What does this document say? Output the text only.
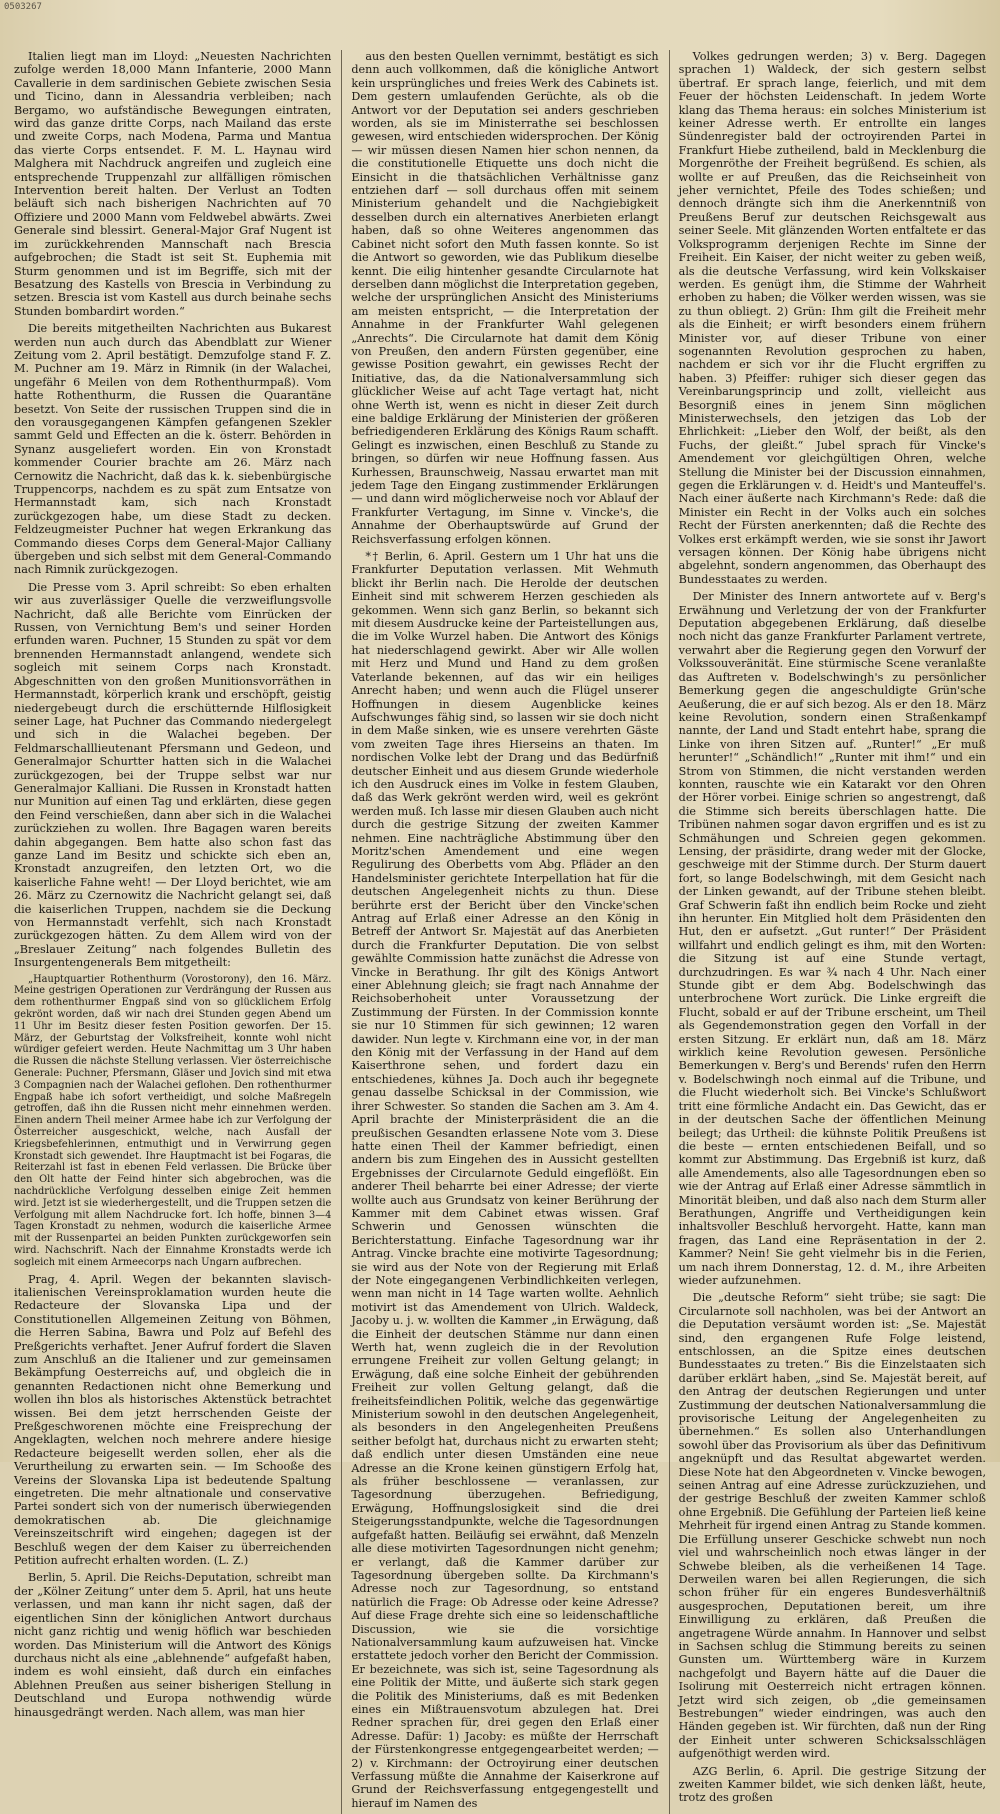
0503267

Italien liegt man im Lloyd: „Neuesten Nachrichten zufolge werden 18,000 Mann Infanterie, 2000 Mann Cavallerie in dem sardinischen Gebiete zwischen Sesia und Ticino, dann in Alessandria verbleiben; nach Bergamo, wo aufständische Bewegungen eintraten, wird das ganze dritte Corps, nach Mailand das erste und zweite Corps, nach Modena, Parma und Mantua das vierte Corps entsendet. F. M. L. Haynau wird Malghera mit Nachdruck angreifen und zugleich eine entsprechende Truppenzahl zur allfälligen römischen Intervention bereit halten. Der Verlust an Todten beläuft sich nach bisherigen Nachrichten auf 70 Offiziere und 2000 Mann vom Feldwebel abwärts. Zwei Generale sind blessirt. General-Major Graf Nugent ist im zurückkehrenden Mannschaft nach Brescia aufgebrochen; die Stadt ist seit St. Euphemia mit Sturm genommen und ist im Begriffe, sich mit der Besatzung des Kastells von Brescia in Verbindung zu setzen. Brescia ist vom Kastell aus durch beinahe sechs Stunden bombardirt worden.“

Die bereits mitgetheilten Nachrichten aus Bukarest werden nun auch durch das Abendblatt zur Wiener Zeitung vom 2. April bestätigt. Demzufolge stand F. Z. M. Puchner am 19. März in Rimnik (in der Walachei, ungefähr 6 Meilen von dem Rothenthurmpaß). Vom hatte Rothenthurm, die Russen die Quarantäne besetzt. Von Seite der russischen Truppen sind die in den vorausgegangenen Kämpfen gefangenen Szekler sammt Geld und Effecten an die k. österr. Behörden in Synanz ausgeliefert worden. Ein von Kronstadt kommender Courier brachte am 26. März nach Cernowitz die Nachricht, daß das k. k. siebenbürgische Truppencorps, nachdem es zu spät zum Entsatze von Hermannstadt kam, sich nach Kronstadt zurückgezogen habe, um diese Stadt zu decken. Feldzeugmeister Puchner hat wegen Erkrankung das Commando dieses Corps dem General-Major Calliany übergeben und sich selbst mit dem General-Commando nach Rimnik zurückgezogen.

Die Presse vom 3. April schreibt: So eben erhalten wir aus zuverlässiger Quelle die verzweiflungsvolle Nachricht, daß alle Berichte vom Einrücken der Russen, von Vernichtung Bem's und seiner Horden erfunden waren. Puchner, 15 Stunden zu spät vor dem brennenden Hermannstadt anlangend, wendete sich sogleich mit seinem Corps nach Kronstadt. Abgeschnitten von den großen Munitionsvorräthen in Hermannstadt, körperlich krank und erschöpft, geistig niedergebeugt durch die erschütternde Hilflosigkeit seiner Lage, hat Puchner das Commando niedergelegt und sich in die Walachei begeben. Der Feldmarschalllieutenant Pfersmann und Gedeon, und Generalmajor Schurtter hatten sich in die Walachei zurückgezogen, bei der Truppe selbst war nur Generalmajor Kalliani. Die Russen in Kronstadt hatten nur Munition auf einen Tag und erklärten, diese gegen den Feind verschießen, dann aber sich in die Walachei zurückziehen zu wollen. Ihre Bagagen waren bereits dahin abgegangen. Bem hatte also schon fast das ganze Land im Besitz und schickte sich eben an, Kronstadt anzugreifen, den letzten Ort, wo die kaiserliche Fahne weht! — Der Lloyd berichtet, wie am 26. März zu Czernowitz die Nachricht gelangt sei, daß die kaiserlichen Truppen, nachdem sie die Deckung von Hermannstadt verfehlt, sich nach Kronstadt zurückgezogen hätten. Zu dem Allem wird von der „Breslauer Zeitung“ nach folgendes Bulletin des Insurgentengenerals Bem mitgetheilt:

„Hauptquartier Rothenthurm (Vorostorony), den 16. März. Meine gestrigen Operationen zur Verdrängung der Russen aus dem rothenthurmer Engpaß sind von so glücklichem Erfolg gekrönt worden, daß wir nach drei Stunden gegen Abend um 11 Uhr im Besitz dieser festen Position geworfen. Der 15. März, der Geburtstag der Volksfreiheit, konnte wohl nicht würdiger gefeiert werden. Heute Nachmittag um 3 Uhr haben die Russen die nächste Stellung verlassen. Vier österreichische Generale: Puchner, Pfersmann, Gläser und Jovich sind mit etwa 3 Compagnien nach der Walachei geflohen. Den rothenthurmer Engpaß habe ich sofort vertheidigt, und solche Maßregeln getroffen, daß ihn die Russen nicht mehr einnehmen werden. Einen andern Theil meiner Armee habe ich zur Verfolgung der Österreicher ausgeschickt, welche, nach Ausfall der Kriegsbefehlerinnen, entmuthigt und in Verwirrung gegen Kronstadt sich gewendet. Ihre Hauptmacht ist bei Fogaras, die Reiterzahl ist fast in ebenen Feld verlassen. Die Brücke über den Olt hatte der Feind hinter sich abgebrochen, was die nachdrückliche Verfolgung desselben einige Zeit hemmen wird. Jetzt ist sie wiederhergestellt, und die Truppen setzen die Verfolgung mit allem Nachdrucke fort. Ich hoffe, binnen 3—4 Tagen Kronstadt zu nehmen, wodurch die kaiserliche Armee mit der Russenpartei an beiden Punkten zurückgeworfen sein wird. Nachschrift. Nach der Einnahme Kronstadts werde ich sogleich mit einem Armeecorps nach Ungarn aufbrechen.

Prag, 4. April. Wegen der bekannten slavisch-italienischen Vereinsproklamation wurden heute die Redacteure der Slovanska Lipa und der Constitutionellen Allgemeinen Zeitung von Böhmen, die Herren Sabina, Bawra und Polz auf Befehl des Preßgerichts verhaftet. Jener Aufruf fordert die Slaven zum Anschluß an die Italiener und zur gemeinsamen Bekämpfung Oesterreichs auf, und obgleich die in genannten Redactionen nicht ohne Bemerkung und wollen ihn blos als historisches Aktenstück betrachtet wissen. Bei dem jetzt herrschenden Geiste der Preßgeschworenen möchte eine Freisprechung der Angeklagten, welchen noch mehrere andere hiesige Redacteure beigesellt werden sollen, eher als die Verurtheilung zu erwarten sein. — Im Schooße des Vereins der Slovanska Lipa ist bedeutende Spaltung eingetreten. Die mehr altnationale und conservative Partei sondert sich von der numerisch überwiegenden demokratischen ab. Die gleichnamige Vereinszeitschrift wird eingehen; dagegen ist der Beschluß wegen der dem Kaiser zu überreichenden Petition aufrecht erhalten worden. (L. Z.)

Berlin, 5. April. Die Reichs-Deputation, schreibt man der „Kölner Zeitung“ unter dem 5. April, hat uns heute verlassen, und man kann ihr nicht sagen, daß der eigentlichen Sinn der königlichen Antwort durchaus nicht ganz richtig und wenig höflich war beschieden worden. Das Ministerium will die Antwort des Königs durchaus nicht als eine „ablehnende“ aufgefaßt haben, indem es wohl einsieht, daß durch ein einfaches Ablehnen Preußen aus seiner bisherigen Stellung in Deutschland und Europa nothwendig würde hinausgedrängt werden. Nach allem, was man hier

aus den besten Quellen vernimmt, bestätigt es sich denn auch vollkommen, daß die königliche Antwort kein ursprüngliches und freies Werk des Cabinets ist. Dem gestern umlaufenden Gerüchte, als ob die Antwort vor der Deputation sei anders geschrieben worden, als sie im Ministerrathe sei beschlossen gewesen, wird entschieden widersprochen. Der König — wir müssen diesen Namen hier schon nennen, da die constitutionelle Etiquette uns doch nicht die Einsicht in die thatsächlichen Verhältnisse ganz entziehen darf — soll durchaus offen mit seinem Ministerium gehandelt und die Nachgiebigkeit desselben durch ein alternatives Anerbieten erlangt haben, daß so ohne Weiteres angenommen das Cabinet nicht sofort den Muth fassen konnte. So ist die Antwort so geworden, wie das Publikum dieselbe kennt. Die eilig hintenher gesandte Circularnote hat derselben dann möglichst die Interpretation gegeben, welche der ursprünglichen Ansicht des Ministeriums am meisten entspricht, — die Interpretation der Annahme in der Frankfurter Wahl gelegenen „Anrechts“. Die Circularnote hat damit dem König von Preußen, den andern Fürsten gegenüber, eine gewisse Position gewahrt, ein gewisses Recht der Initiative, das, da die Nationalversammlung sich glücklicher Weise auf acht Tage vertagt hat, nicht ohne Werth ist, wenn es nicht in dieser Zeit durch eine baldige Erklärung der Ministerien der größeren befriedigenderen Erklärung des Königs Raum schafft. Gelingt es inzwischen, einen Beschluß zu Stande zu bringen, so dürfen wir neue Hoffnung fassen. Aus Kurhessen, Braunschweig, Nassau erwartet man mit jedem Tage den Eingang zustimmender Erklärungen — und dann wird möglicherweise noch vor Ablauf der Frankfurter Vertagung, im Sinne v. Vincke's, die Annahme der Oberhauptswürde auf Grund der Reichsverfassung erfolgen können.

*† Berlin, 6. April. Gestern um 1 Uhr hat uns die Frankfurter Deputation verlassen. Mit Wehmuth blickt ihr Berlin nach. Die Herolde der deutschen Einheit sind mit schwerem Herzen geschieden als gekommen. Wenn sich ganz Berlin, so bekannt sich mit diesem Ausdrucke keine der Parteistellungen aus, die im Volke Wurzel haben. Die Antwort des Königs hat niederschlagend gewirkt. Aber wir Alle wollen mit Herz und Mund und Hand zu dem großen Vaterlande bekennen, auf das wir ein heiliges Anrecht haben; und wenn auch die Flügel unserer Hoffnungen in diesem Augenblicke keines Aufschwunges fähig sind, so lassen wir sie doch nicht in dem Maße sinken, wie es unsere verehrten Gäste vom zweiten Tage ihres Hierseins an thaten. Im nordischen Volke lebt der Drang und das Bedürfniß deutscher Einheit und aus diesem Grunde wiederhole ich den Ausdruck eines im Volke in festem Glauben, daß das Werk gekrönt werden wird, weil es gekrönt werden muß. Ich lasse mir diesen Glauben auch nicht durch die gestrige Sitzung der zweiten Kammer nehmen. Eine nachträgliche Abstimmung über den Moritz'schen Amendement und eine wegen Regulirung des Oberbetts vom Abg. Pfläder an den Handelsminister gerichtete Interpellation hat für die deutschen Angelegenheit nichts zu thun. Diese berührte erst der Bericht über den Vincke'schen Antrag auf Erlaß einer Adresse an den König in Betreff der Antwort Sr. Majestät auf das Anerbieten durch die Frankfurter Deputation. Die von selbst gewählte Commission hatte zunächst die Adresse von Vincke in Berathung. Ihr gilt des Königs Antwort einer Ablehnung gleich; sie fragt nach Annahme der Reichsoberhoheit unter Voraussetzung der Zustimmung der Fürsten. In der Commission konnte sie nur 10 Stimmen für sich gewinnen; 12 waren dawider. Nun legte v. Kirchmann eine vor, in der man den König mit der Verfassung in der Hand auf dem Kaiserthrone sehen, und fordert dazu ein entschiedenes, kühnes Ja. Doch auch ihr begegnete genau dasselbe Schicksal in der Commission, wie ihrer Schwester. So standen die Sachen am 3. Am 4. April brachte der Ministerpräsident die an die preußischen Gesandten erlassene Note vom 3. Diese hatte einen Theil der Kammer befriedigt, einen andern bis zum Eingehen des in Aussicht gestellten Ergebnisses der Circularnote Geduld eingeflößt. Ein anderer Theil beharrte bei einer Adresse; der vierte wollte auch aus Grundsatz von keiner Berührung der Kammer mit dem Cabinet etwas wissen. Graf Schwerin und Genossen wünschten die Berichterstattung. Einfache Tagesordnung war ihr Antrag. Vincke brachte eine motivirte Tagesordnung; sie wird aus der Note von der Regierung mit Erlaß der Note eingegangenen Verbindlichkeiten verlegen, wenn man nicht in 14 Tage warten wollte. Aehnlich motivirt ist das Amendement von Ulrich. Waldeck, Jacoby u. j. w. wollten die Kammer „in Erwägung, daß die Einheit der deutschen Stämme nur dann einen Werth hat, wenn zugleich die in der Revolution errungene Freiheit zur vollen Geltung gelangt; in Erwägung, daß eine solche Einheit der gebührenden Freiheit zur vollen Geltung gelangt, daß die freiheitsfeindlichen Politik, welche das gegenwärtige Ministerium sowohl in den deutschen Angelegenheit, als besonders in den Angelegenheiten Preußens seither befolgt hat, durchaus nicht zu erwarten steht; daß endlich unter diesen Umständen eine neue Adresse an die Krone keinen günstigern Erfolg hat, als früher beschlossene — veranlassen, zur Tagesordnung überzugehen. Befriedigung, Erwägung, Hoffnungslosigkeit sind die drei Steigerungsstandpunkte, welche die Tagesordnungen aufgefaßt hatten. Beiläufig sei erwähnt, daß Menzeln alle diese motivirten Tagesordnungen nicht genehm; er verlangt, daß die Kammer darüber zur Tagesordnung übergeben sollte. Da Kirchmann's Adresse noch zur Tagesordnung, so entstand natürlich die Frage: Ob Adresse oder keine Adresse? Auf diese Frage drehte sich eine so leidenschaftliche Discussion, wie sie die vorsichtige Nationalversammlung kaum aufzuweisen hat. Vincke erstattete jedoch vorher den Bericht der Commission. Er bezeichnete, was sich ist, seine Tagesordnung als eine Politik der Mitte, und äußerte sich stark gegen die Politik des Ministeriums, daß es mit Bedenken eines ein Mißtrauensvotum abzulegen hat. Drei Redner sprachen für, drei gegen den Erlaß einer Adresse. Dafür: 1) Jacoby: es müßte der Herrschaft der Fürstenkongresse entgegengearbeitet werden; — 2) v. Kirchmann: der Octroyirung einer deutschen Verfassung müßte die Annahme der Kaiserkrone auf Grund der Reichsverfassung entgegengestellt und hierauf im Namen des

Volkes gedrungen werden; 3) v. Berg. Dagegen sprachen 1) Waldeck, der sich gestern selbst übertraf. Er sprach lange, feierlich, und mit dem Feuer der höchsten Leidenschaft. In jedem Worte klang das Thema heraus: ein solches Ministerium ist keiner Adresse werth. Er entrollte ein langes Sündenregister bald der octroyirenden Partei in Frankfurt Hiebe zutheilend, bald in Mecklenburg die Morgenröthe der Freiheit begrüßend. Es schien, als wollte er auf Preußen, das die Reichseinheit von jeher vernichtet, Pfeile des Todes schießen; und dennoch drängte sich ihm die Anerkenntniß von Preußens Beruf zur deutschen Reichsgewalt aus seiner Seele. Mit glänzenden Worten entfaltete er das Volksprogramm derjenigen Rechte im Sinne der Freiheit. Ein Kaiser, der nicht weiter zu geben weiß, als die deutsche Verfassung, wird kein Volkskaiser werden. Es genügt ihm, die Stimme der Wahrheit erhoben zu haben; die Völker werden wissen, was sie zu thun obliegt. 2) Grün: Ihm gilt die Freiheit mehr als die Einheit; er wirft besonders einem frühern Minister vor, auf dieser Tribune von einer sogenannten Revolution gesprochen zu haben, nachdem er sich vor ihr die Flucht ergriffen zu haben. 3) Pfeiffer: ruhiger sich dieser gegen das Vereinbarungsprincip und zollt, vielleicht aus Besorgniß eines in jenem Sinn möglichen Ministerwechsels, den jetzigen das Lob der Ehrlichkeit: „Lieber den Wolf, der beißt, als den Fuchs, der gleißt.“ Jubel sprach für Vincke's Amendement vor gleichgültigen Ohren, welche Stellung die Minister bei der Discussion einnahmen, gegen die Erklärungen v. d. Heidt's und Manteuffel's. Nach einer äußerte nach Kirchmann's Rede: daß die Minister ein Recht in der Volks auch ein solches Recht der Fürsten anerkennten; daß die Rechte des Volkes erst erkämpft werden, wie sie sonst ihr Jawort versagen können. Der König habe übrigens nicht abgelehnt, sondern angenommen, das Oberhaupt des Bundesstaates zu werden.

Der Minister des Innern antwortete auf v. Berg's Erwähnung und Verletzung der von der Frankfurter Deputation abgegebenen Erklärung, daß dieselbe noch nicht das ganze Frankfurter Parlament vertrete, verwahrt aber die Regierung gegen den Vorwurf der Volkssouveränität. Eine stürmische Scene veranlaßte das Auftreten v. Bodelschwingh's zu persönlicher Bemerkung gegen die angeschuldigte Grün'sche Aeußerung, die er auf sich bezog. Als er den 18. März keine Revolution, sondern einen Straßenkampf nannte, der Land und Stadt entehrt habe, sprang die Linke von ihren Sitzen auf. „Runter!“ „Er muß herunter!“ „Schändlich!“ „Runter mit ihm!“ und ein Strom von Stimmen, die nicht verstanden werden konnten, rauschte wie ein Katarakt vor den Ohren der Hörer vorbei. Einige schrien so angestrengt, daß die Stimme sich bereits überschlagen hatte. Die Tribünen nahmen sogar davon ergriffen und es ist zu Schmähungen und Schreien gegen gekommen. Lensing, der präsidirte, drang weder mit der Glocke, geschweige mit der Stimme durch. Der Sturm dauert fort, so lange Bodelschwingh, mit dem Gesicht nach der Linken gewandt, auf der Tribune stehen bleibt. Graf Schwerin faßt ihn endlich beim Rocke und zieht ihn herunter. Ein Mitglied holt dem Präsidenten den Hut, den er aufsetzt. „Gut runter!“ Der Präsident willfahrt und endlich gelingt es ihm, mit den Worten: die Sitzung ist auf eine Stunde vertagt, durchzudringen. Es war ¾ nach 4 Uhr. Nach einer Stunde gibt er dem Abg. Bodelschwingh das unterbrochene Wort zurück. Die Linke ergreift die Flucht, sobald er auf der Tribune erscheint, um Theil als Gegendemonstration gegen den Vorfall in der ersten Sitzung. Er erklärt nun, daß am 18. März wirklich keine Revolution gewesen. Persönliche Bemerkungen v. Berg's und Berends' rufen den Herrn v. Bodelschwingh noch einmal auf die Tribune, und die Flucht wiederholt sich. Bei Vincke's Schlußwort tritt eine förmliche Andacht ein. Das Gewicht, das er in der deutschen Sache der öffentlichen Meinung beilegt; das Urtheil: die kühnste Politik Preußens ist die beste — ernten entschiedenen Beifall, und so kommt zur Abstimmung. Das Ergebniß ist kurz, daß alle Amendements, also alle Tagesordnungen eben so wie der Antrag auf Erlaß einer Adresse sämmtlich in Minorität bleiben, und daß also nach dem Sturm aller Berathungen, Angriffe und Vertheidigungen kein inhaltsvoller Beschluß hervorgeht. Hatte, kann man fragen, das Land eine Repräsentation in der 2. Kammer? Nein! Sie geht vielmehr bis in die Ferien, um nach ihrem Donnerstag, 12. d. M., ihre Arbeiten wieder aufzunehmen.

Die „deutsche Reform“ sieht trübe; sie sagt: Die Circularnote soll nachholen, was bei der Antwort an die Deputation versäumt worden ist: „Se. Majestät sind, den ergangenen Rufe Folge leistend, entschlossen, an die Spitze eines deutschen Bundesstaates zu treten.“ Bis die Einzelstaaten sich darüber erklärt haben, „sind Se. Majestät bereit, auf den Antrag der deutschen Regierungen und unter Zustimmung der deutschen Nationalversammlung die provisorische Leitung der Angelegenheiten zu übernehmen.“ Es sollen also Unterhandlungen sowohl über das Provisorium als über das Definitivum angeknüpft und das Resultat abgewartet werden. Diese Note hat den Abgeordneten v. Vincke bewogen, seinen Antrag auf eine Adresse zurückzuziehen, und der gestrige Beschluß der zweiten Kammer schloß ohne Ergebniß. Die Gefühlung der Parteien ließ keine Mehrheit für irgend einen Antrag zu Stande kommen. Die Erfüllung unserer Geschicke schwebt nun noch viel und wahrscheinlich noch etwas länger in der Schwebe bleiben, als die verheißenen 14 Tage. Derweilen waren bei allen Regierungen, die sich schon früher für ein engeres Bundesverhältniß ausgesprochen, Deputationen bereit, um ihre Einwilligung zu erklären, daß Preußen die angetragene Würde annahm. In Hannover und selbst in Sachsen schlug die Stimmung bereits zu seinen Gunsten um. Württemberg wäre in Kurzem nachgefolgt und Bayern hätte auf die Dauer die Isolirung mit Oesterreich nicht ertragen können. Jetzt wird sich zeigen, ob „die gemeinsamen Bestrebungen“ wieder eindringen, was auch den Händen gegeben ist. Wir fürchten, daß nun der Ring der Einheit unter schweren Schicksalsschlägen aufgenöthigt werden wird.

AZG Berlin, 6. April. Die gestrige Sitzung der zweiten Kammer bildet, wie sich denken läßt, heute, trotz des großen
